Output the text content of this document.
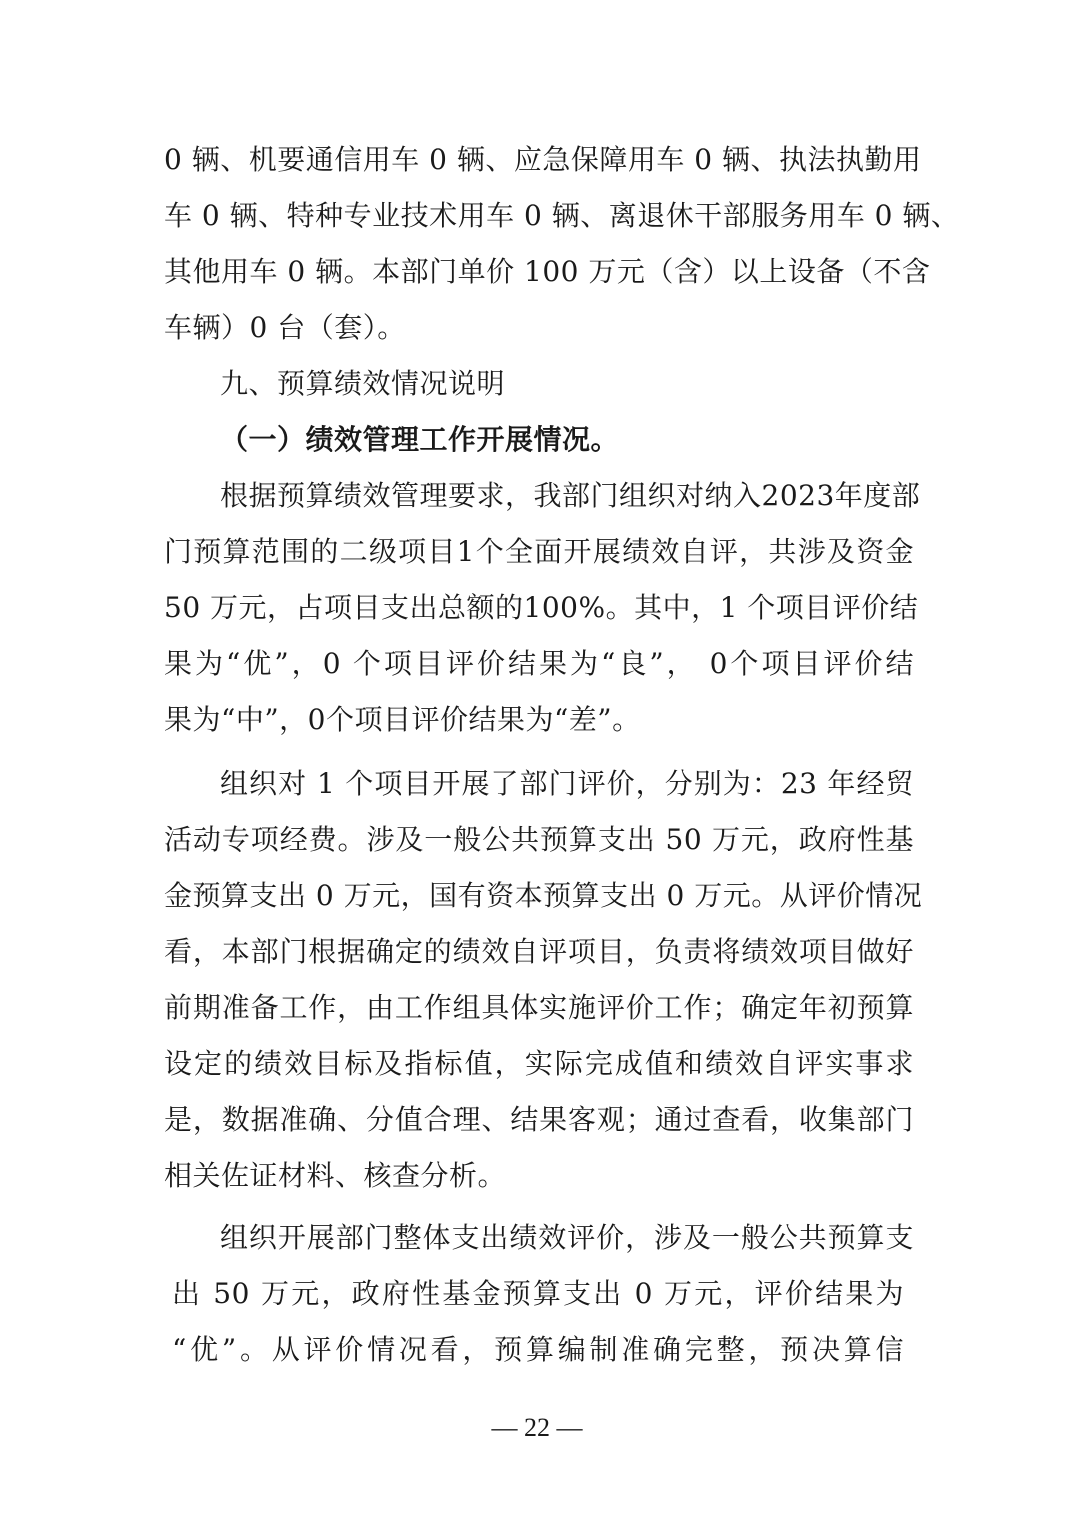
0 辆、机要通信用车 0 辆、应急保障用车 0 辆、执法执勤用
车 0 辆、特种专业技术用车 0 辆、离退休干部服务用车 0 辆、
其他用车 0 辆。本部门单价 100 万元（含）以上设备（不含
车辆）0 台（套）。
九、预算绩效情况说明
（一）绩效管理工作开展情况。
根据预算绩效管理要求，我部门组织对纳入2023年度部
门预算范围的二级项目1个全面开展绩效自评，共涉及资金
50 万元，占项目支出总额的100%。其中，1 个项目评价结
果为“优”，0 个项目评价结果为“良”， 0个项目评价结
果为“中”，0个项目评价结果为“差”。
组织对 1 个项目开展了部门评价，分别为：23 年经贸
活动专项经费。涉及一般公共预算支出 50 万元，政府性基
金预算支出 0 万元，国有资本预算支出 0 万元。从评价情况
看，本部门根据确定的绩效自评项目，负责将绩效项目做好
前期准备工作，由工作组具体实施评价工作；确定年初预算
设定的绩效目标及指标值，实际完成值和绩效自评实事求
是，数据准确、分值合理、结果客观；通过查看，收集部门
相关佐证材料、核查分析。
组织开展部门整体支出绩效评价，涉及一般公共预算支
出 50 万元，政府性基金预算支出 0 万元，评价结果为
“优”。从评价情况看，预算编制准确完整，预决算信
— 22 —
